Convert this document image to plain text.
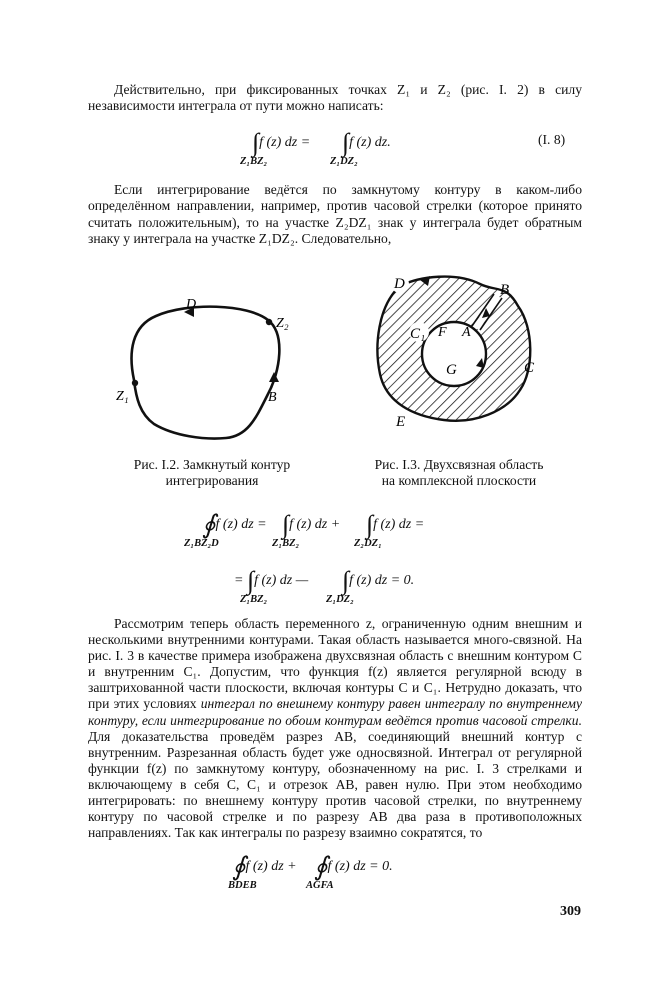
Действительно, при фиксированных точках Z₁ и Z₂ (рис. I. 2) в силу независимости интеграла от пути можно написать:
∫f (z) dz =
Z₁BZ₂
∫f (z) dz.
Z₁DZ₂
(I. 8)
Если интегрирование ведётся по замкнутому контуру в каком-либо определённом направлении, например, против часовой стрелки (которое принято считать положительным), то на участке Z₂DZ₁ знак у интеграла будет обратным знаку у интеграла на участке Z₁DZ₂. Следовательно,
D
Z₂
Z₁	B
Рис. I.2. Замкнутый контур
интегрирования
D	B
C₁ F A
G	C
E
Рис. I.3. Двухсвязная область
на комплексной плоскости
∮f (z) dz =
Z₁BZ₂D
∫f (z) dz +
Z₁BZ₂
∫f (z) dz =
Z₂DZ₁
= ∫f (z) dz —
Z₁BZ₂
∫f (z) dz = 0.
Z₁DZ₂
Рассмотрим теперь область переменного z, ограниченную одним внешним и несколькими внутренними контурами. Такая область называется много-связной. На рис. I. 3 в качестве примера изображена двухсвязная область с внешним контуром C и внутренним C₁. Допустим, что функция f(z) является регулярной всюду в заштрихованной части плоскости, включая контуры C и C₁. Нетрудно доказать, что при этих условиях интеграл по внешнему контуру равен интегралу по внутреннему контуру, если интегрирование по обоим контурам ведётся против часовой стрелки. Для доказательства проведём разрез AB, соединяющий внешний контур с внутренним. Разрезанная область будет уже односвязной. Интеграл от регулярной функции f(z) по замкнутому контуру, обозначенному на рис. I. 3 стрелками и включающему в себя C, C₁ и отрезок AB, равен нулю. При этом необходимо интегрировать: по внешнему контуру против часовой стрелки, по внутреннему контуру по часовой стрелке и по разрезу AB два раза в противоположных направлениях. Так как интегралы по разрезу взаимно сократятся, то
∮f (z) dz +
BDEB
∮f (z) dz = 0.
AGFA
309
